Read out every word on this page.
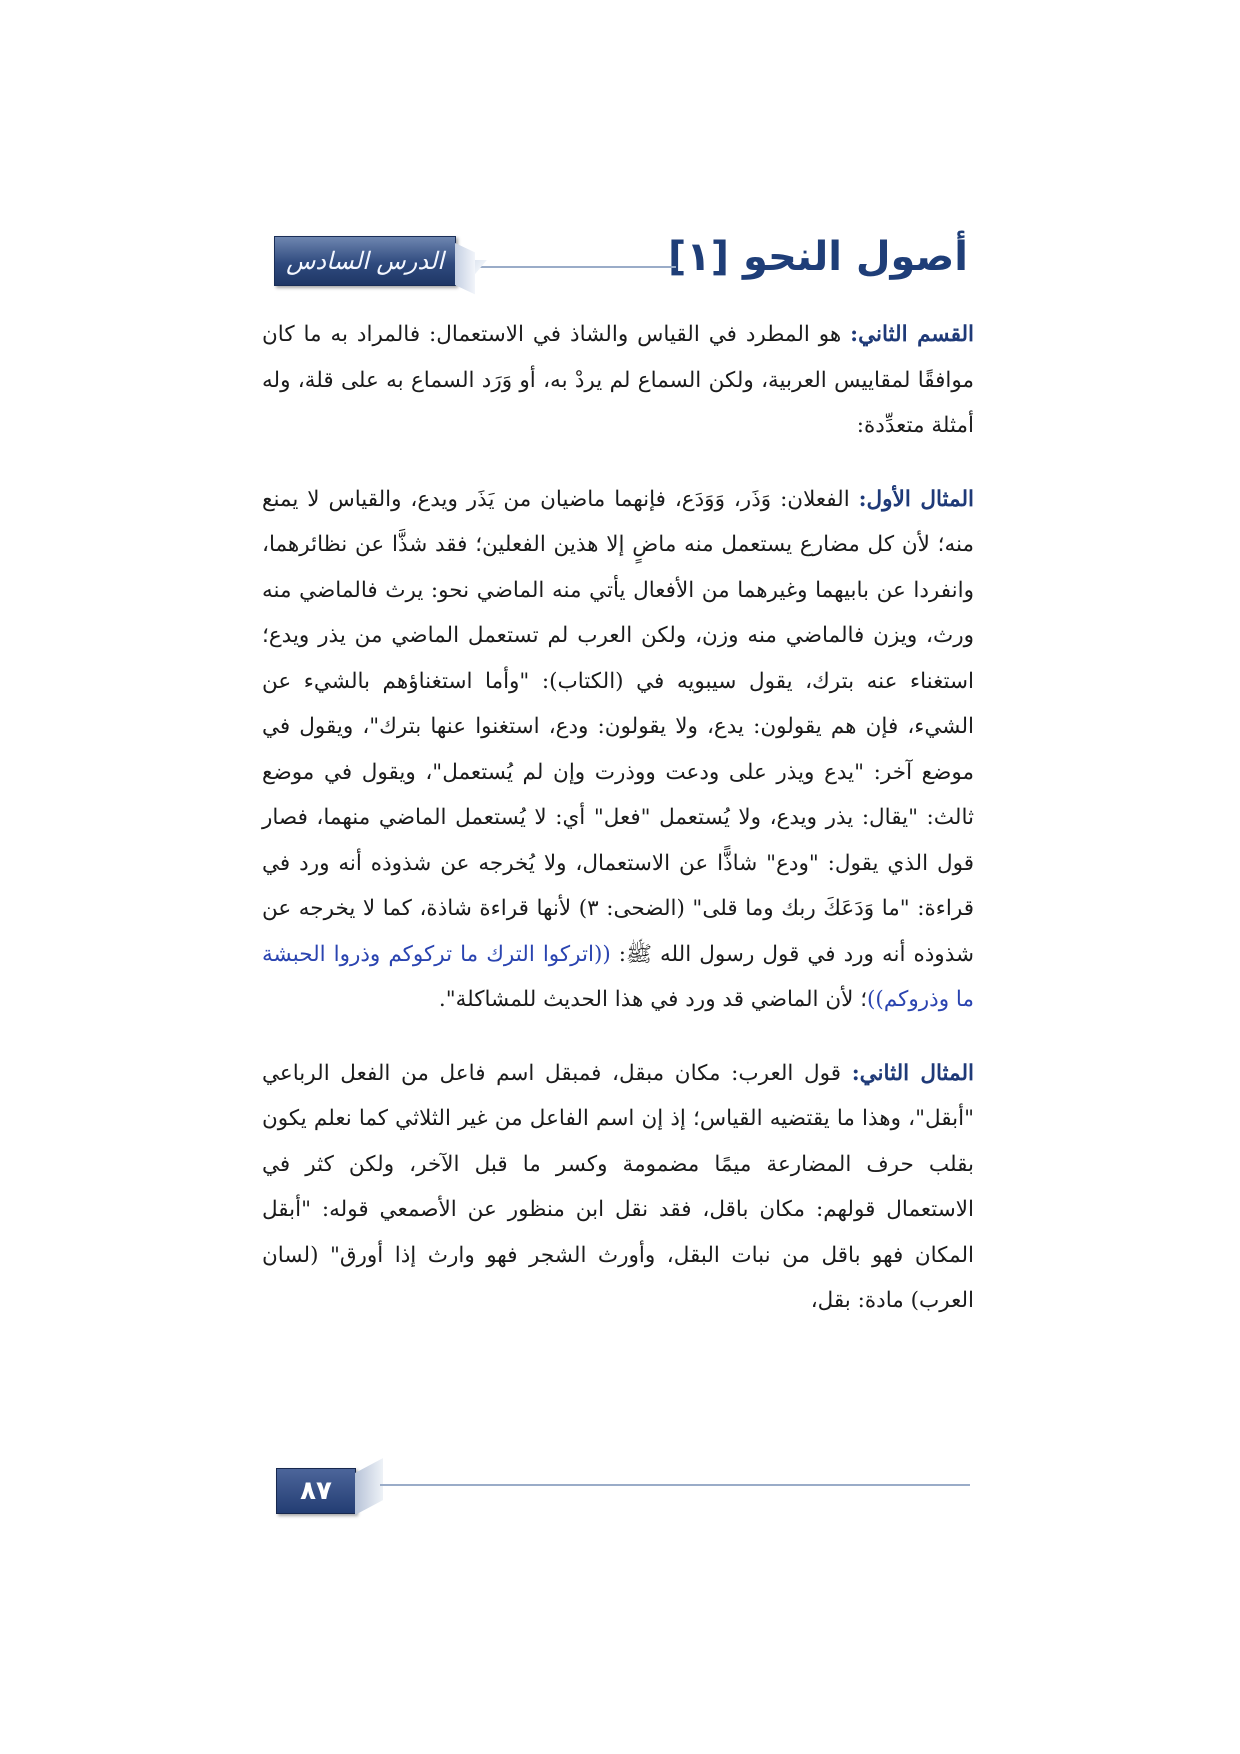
أصول النحو [١]
الدرس السادس

القسم الثاني: هو المطرد في القياس والشاذ في الاستعمال: فالمراد به ما كان موافقًا لمقاييس العربية، ولكن السماع لم يردْ به، أو وَرَد السماع به على قلة، وله أمثلة متعدِّدة:

المثال الأول: الفعلان: وَذَر، وَوَدَع، فإنهما ماضيان من يَذَر ويدع، والقياس لا يمنع منه؛ لأن كل مضارع يستعمل منه ماضٍ إلا هذين الفعلين؛ فقد شذَّا عن نظائرهما، وانفردا عن بابيهما وغيرهما من الأفعال يأتي منه الماضي نحو: يرث فالماضي منه ورث، ويزن فالماضي منه وزن، ولكن العرب لم تستعمل الماضي من يذر ويدع؛ استغناء عنه بترك، يقول سيبويه في (الكتاب): "وأما استغناؤهم بالشيء عن الشيء، فإن هم يقولون: يدع، ولا يقولون: ودع، استغنوا عنها بترك"، ويقول في موضع آخر: "يدع ويذر على ودعت ووذرت وإن لم يُستعمل"، ويقول في موضع ثالث: "يقال: يذر ويدع، ولا يُستعمل "فعل" أي: لا يُستعمل الماضي منهما، فصار قول الذي يقول: "ودع" شاذًّا عن الاستعمال، ولا يُخرجه عن شذوذه أنه ورد في قراءة: "ما وَدَعَكَ ربك وما قلى" (الضحى: ٣) لأنها قراءة شاذة، كما لا يخرجه عن شذوذه أنه ورد في قول رسول الله ﷺ: ((اتركوا الترك ما تركوكم وذروا الحبشة ما وذروكم))؛ لأن الماضي قد ورد في هذا الحديث للمشاكلة".

المثال الثاني: قول العرب: مكان مبقل، فمبقل اسم فاعل من الفعل الرباعي "أبقل"، وهذا ما يقتضيه القياس؛ إذ إن اسم الفاعل من غير الثلاثي كما نعلم يكون بقلب حرف المضارعة ميمًا مضمومة وكسر ما قبل الآخر، ولكن كثر في الاستعمال قولهم: مكان باقل، فقد نقل ابن منظور عن الأصمعي قوله: "أبقل المكان فهو باقل من نبات البقل، وأورث الشجر فهو وارث إذا أورق" (لسان العرب) مادة: بقل،

٨٧
